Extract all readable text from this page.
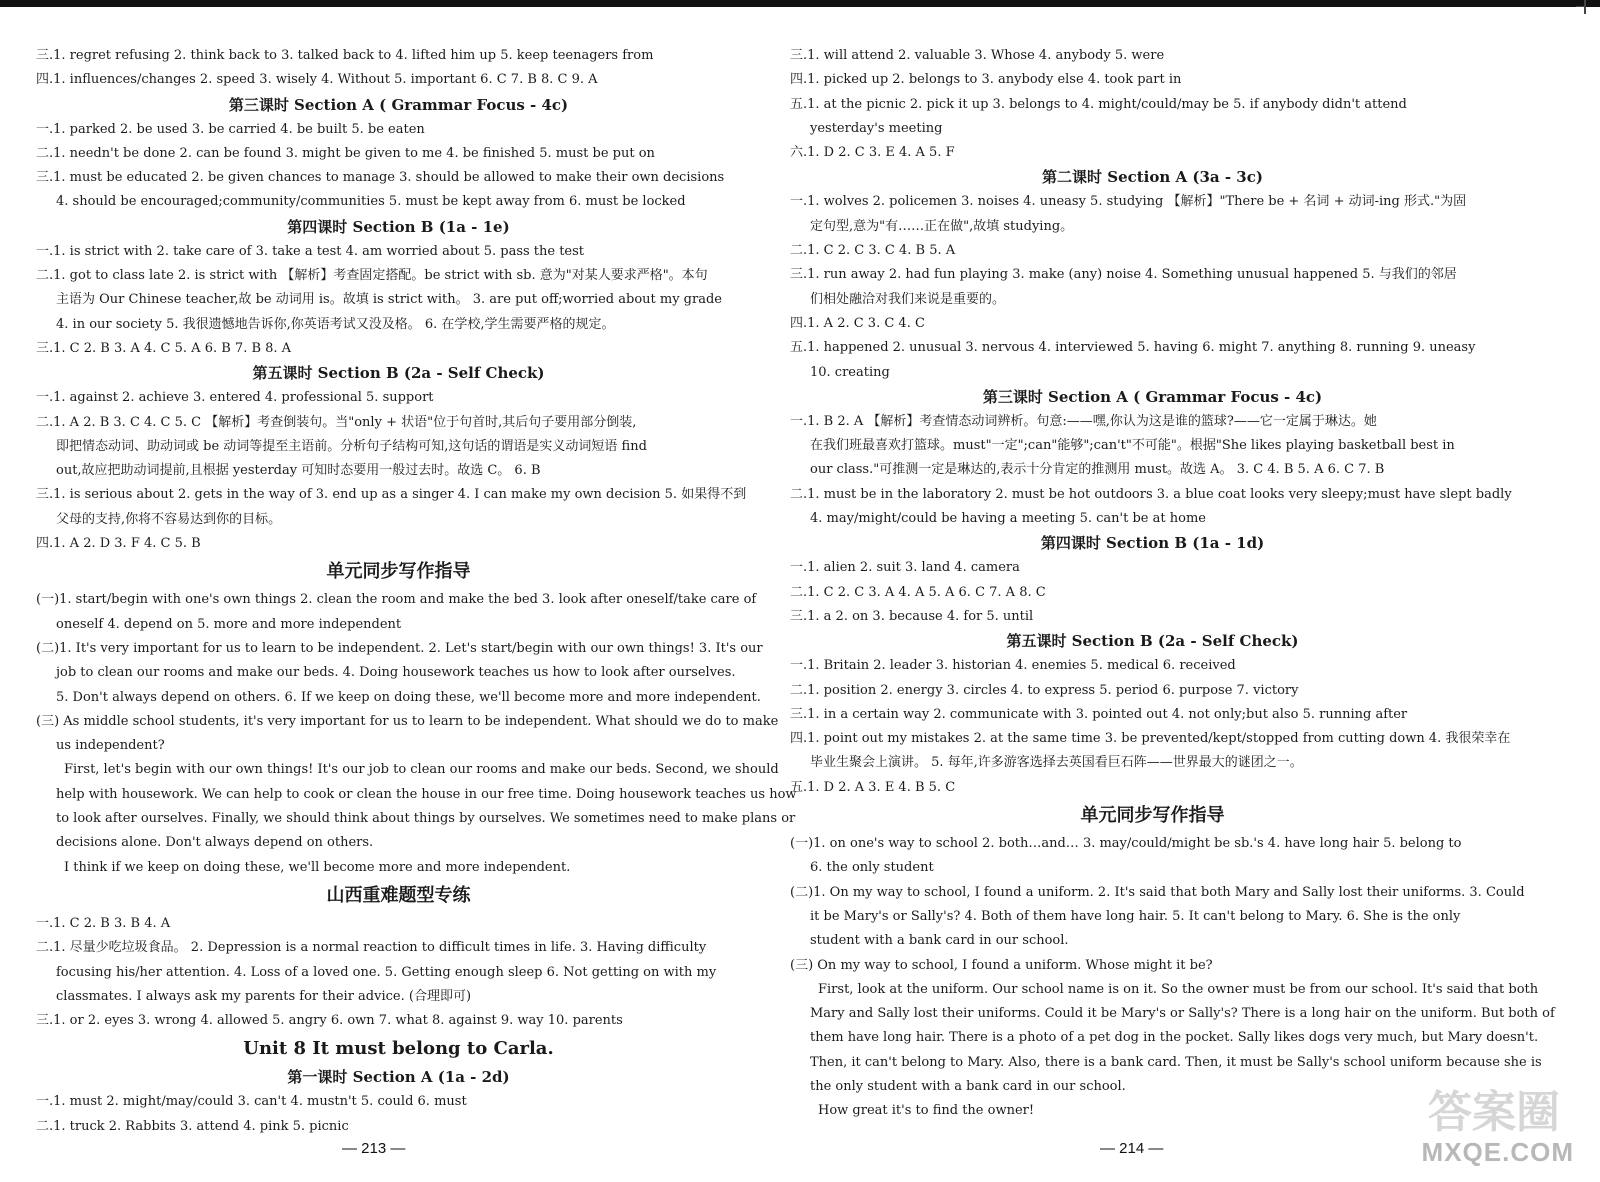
三.1. regret refusing 2. think back to 3. talked back to 4. lifted him up 5. keep teenagers from
四.1. influences/changes 2. speed 3. wisely 4. Without 5. important 6. C 7. B 8. C 9. A
第三课时 Section A ( Grammar Focus - 4c)
一.1. parked 2. be used 3. be carried 4. be built 5. be eaten
二.1. needn't be done 2. can be found 3. might be given to me 4. be finished 5. must be put on
三.1. must be educated 2. be given chances to manage 3. should be allowed to make their own decisions
4. should be encouraged;community/communities 5. must be kept away from 6. must be locked
第四课时 Section B (1a - 1e)
一.1. is strict with 2. take care of 3. take a test 4. am worried about 5. pass the test
二.1. got to class late 2. is strict with 【解析】考查固定搭配。be strict with sb. 意为"对某人要求严格"。本句
主语为 Our Chinese teacher,故 be 动词用 is。故填 is strict with。 3. are put off;worried about my grade
4. in our society 5. 我很遗憾地告诉你,你英语考试又没及格。 6. 在学校,学生需要严格的规定。
三.1. C 2. B 3. A 4. C 5. A 6. B 7. B 8. A
第五课时 Section B (2a - Self Check)
一.1. against 2. achieve 3. entered 4. professional 5. support
二.1. A 2. B 3. C 4. C 5. C 【解析】考查倒装句。当"only + 状语"位于句首时,其后句子要用部分倒装,
即把情态动词、助动词或 be 动词等提至主语前。分析句子结构可知,这句话的谓语是实义动词短语 find
out,故应把助动词提前,且根据 yesterday 可知时态要用一般过去时。故选 C。 6. B
三.1. is serious about 2. gets in the way of 3. end up as a singer 4. I can make my own decision 5. 如果得不到
父母的支持,你将不容易达到你的目标。
四.1. A 2. D 3. F 4. C 5. B
单元同步写作指导
(一)1. start/begin with one's own things 2. clean the room and make the bed 3. look after oneself/take care of
oneself 4. depend on 5. more and more independent
(二)1. It's very important for us to learn to be independent. 2. Let's start/begin with our own things! 3. It's our
job to clean our rooms and make our beds. 4. Doing housework teaches us how to look after ourselves.
5. Don't always depend on others. 6. If we keep on doing these, we'll become more and more independent.
(三) As middle school students, it's very important for us to learn to be independent. What should we do to make
us independent?
First, let's begin with our own things! It's our job to clean our rooms and make our beds. Second, we should
help with housework. We can help to cook or clean the house in our free time. Doing housework teaches us how
to look after ourselves. Finally, we should think about things by ourselves. We sometimes need to make plans or
decisions alone. Don't always depend on others.
I think if we keep on doing these, we'll become more and more independent.
山西重难题型专练
一.1. C 2. B 3. B 4. A
二.1. 尽量少吃垃圾食品。 2. Depression is a normal reaction to difficult times in life. 3. Having difficulty
focusing his/her attention. 4. Loss of a loved one. 5. Getting enough sleep 6. Not getting on with my
classmates. I always ask my parents for their advice. (合理即可)
三.1. or 2. eyes 3. wrong 4. allowed 5. angry 6. own 7. what 8. against 9. way 10. parents
Unit 8 It must belong to Carla.
第一课时 Section A (1a - 2d)
一.1. must 2. might/may/could 3. can't 4. mustn't 5. could 6. must
二.1. truck 2. Rabbits 3. attend 4. pink 5. picnic
三.1. will attend 2. valuable 3. Whose 4. anybody 5. were
四.1. picked up 2. belongs to 3. anybody else 4. took part in
五.1. at the picnic 2. pick it up 3. belongs to 4. might/could/may be 5. if anybody didn't attend
yesterday's meeting
六.1. D 2. C 3. E 4. A 5. F
第二课时 Section A (3a - 3c)
一.1. wolves 2. policemen 3. noises 4. uneasy 5. studying 【解析】"There be + 名词 + 动词-ing 形式."为固
定句型,意为"有……正在做",故填 studying。
二.1. C 2. C 3. C 4. B 5. A
三.1. run away 2. had fun playing 3. make (any) noise 4. Something unusual happened 5. 与我们的邻居
们相处融洽对我们来说是重要的。
四.1. A 2. C 3. C 4. C
五.1. happened 2. unusual 3. nervous 4. interviewed 5. having 6. might 7. anything 8. running 9. uneasy
10. creating
第三课时 Section A ( Grammar Focus - 4c)
一.1. B 2. A 【解析】考查情态动词辨析。句意:——嘿,你认为这是谁的篮球?——它一定属于琳达。她
在我们班最喜欢打篮球。must"一定";can"能够";can't"不可能"。根据"She likes playing basketball best in
our class."可推测一定是琳达的,表示十分肯定的推测用 must。故选 A。 3. C 4. B 5. A 6. C 7. B
二.1. must be in the laboratory 2. must be hot outdoors 3. a blue coat looks very sleepy;must have slept badly
4. may/might/could be having a meeting 5. can't be at home
第四课时 Section B (1a - 1d)
一.1. alien 2. suit 3. land 4. camera
二.1. C 2. C 3. A 4. A 5. A 6. C 7. A 8. C
三.1. a 2. on 3. because 4. for 5. until
第五课时 Section B (2a - Self Check)
一.1. Britain 2. leader 3. historian 4. enemies 5. medical 6. received
二.1. position 2. energy 3. circles 4. to express 5. period 6. purpose 7. victory
三.1. in a certain way 2. communicate with 3. pointed out 4. not only;but also 5. running after
四.1. point out my mistakes 2. at the same time 3. be prevented/kept/stopped from cutting down 4. 我很荣幸在
毕业生聚会上演讲。 5. 每年,许多游客选择去英国看巨石阵——世界最大的谜团之一。
五.1. D 2. A 3. E 4. B 5. C
单元同步写作指导
(一)1. on one's way to school 2. both…and… 3. may/could/might be sb.'s 4. have long hair 5. belong to
6. the only student
(二)1. On my way to school, I found a uniform. 2. It's said that both Mary and Sally lost their uniforms. 3. Could
it be Mary's or Sally's? 4. Both of them have long hair. 5. It can't belong to Mary. 6. She is the only
student with a bank card in our school.
(三) On my way to school, I found a uniform. Whose might it be?
First, look at the uniform. Our school name is on it. So the owner must be from our school. It's said that both
Mary and Sally lost their uniforms. Could it be Mary's or Sally's? There is a long hair on the uniform. But both of
them have long hair. There is a photo of a pet dog in the pocket. Sally likes dogs very much, but Mary doesn't.
Then, it can't belong to Mary. Also, there is a bank card. Then, it must be Sally's school uniform because she is
the only student with a bank card in our school.
How great it's to find the owner!
— 213 —	— 214 —
答案圈
MXQE.COM
